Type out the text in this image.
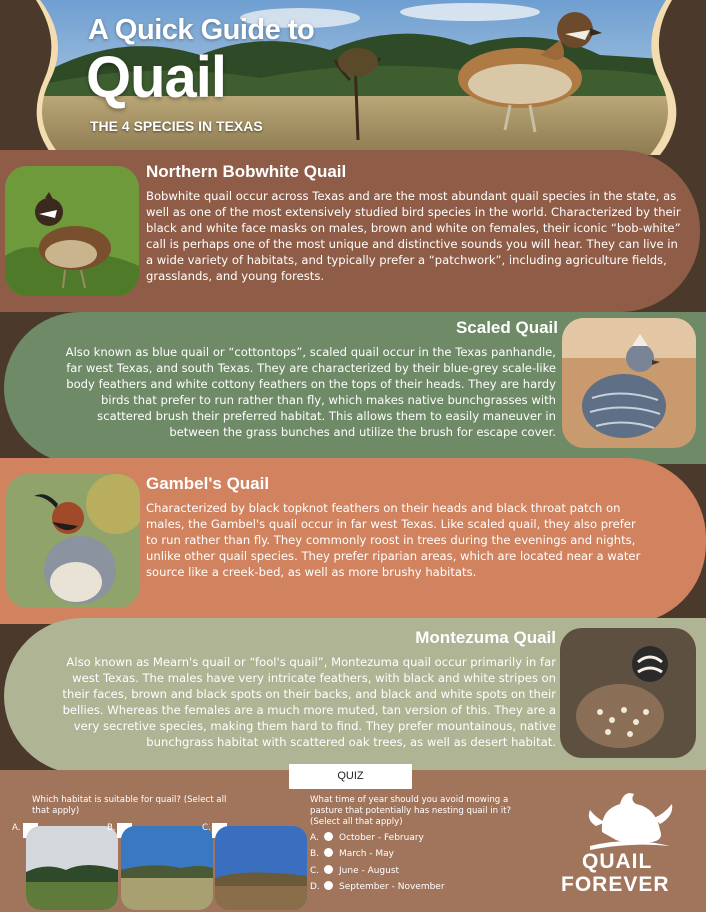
A Quick Guide to
Quail
THE 4 SPECIES IN TEXAS
Northern Bobwhite Quail

Bobwhite quail occur across Texas and are the most abundant quail species in the state, as well as one of the most extensively studied bird species in the world. Characterized by their black and white face masks on males, brown and white on females, their iconic “bob-white” call is perhaps one of the most unique and distinctive sounds you will hear. They can live in a wide variety of habitats, and typically prefer a “patchwork”, including agriculture fields, grasslands, and young forests.

Scaled Quail

Also known as blue quail or “cottontops”, scaled quail occur in the Texas panhandle, far west Texas, and south Texas. They are characterized by their blue-grey scale-like body feathers and white cottony feathers on the tops of their heads. They are hardy birds that prefer to run rather than fly, which makes native bunchgrasses with scattered brush their preferred habitat. This allows them to easily maneuver in between the grass bunches and utilize the brush for escape cover.

Gambel's Quail

Characterized by black topknot feathers on their heads and black throat patch on males, the Gambel's quail occur in far west Texas. Like scaled quail, they also prefer to run rather than fly. They commonly roost in trees during the evenings and nights, unlike other quail species. They prefer riparian areas, which are located near a water source like a creek-bed, as well as more brushy habitats.

Montezuma Quail

Also known as Mearn's quail or “fool's quail”, Montezuma quail occur primarily in far west Texas. The males have very intricate feathers, with black and white stripes on their faces, brown and black spots on their backs, and black and white spots on their bellies. Whereas the females are a much more muted, tan version of this. They are a very secretive species, making them hard to find. They prefer mountainous, native bunchgrass habitat with scattered oak trees, as well as desert habitat.

QUIZ
Which habitat is suitable for quail? (Select all that apply)
A.	B.	C.
What time of year should you avoid mowing a pasture that potentially has nesting quail in it? (Select all that apply)
A. October - February
B. March - May
C. June - August
D. September - November
QUAIL
FOREVER
